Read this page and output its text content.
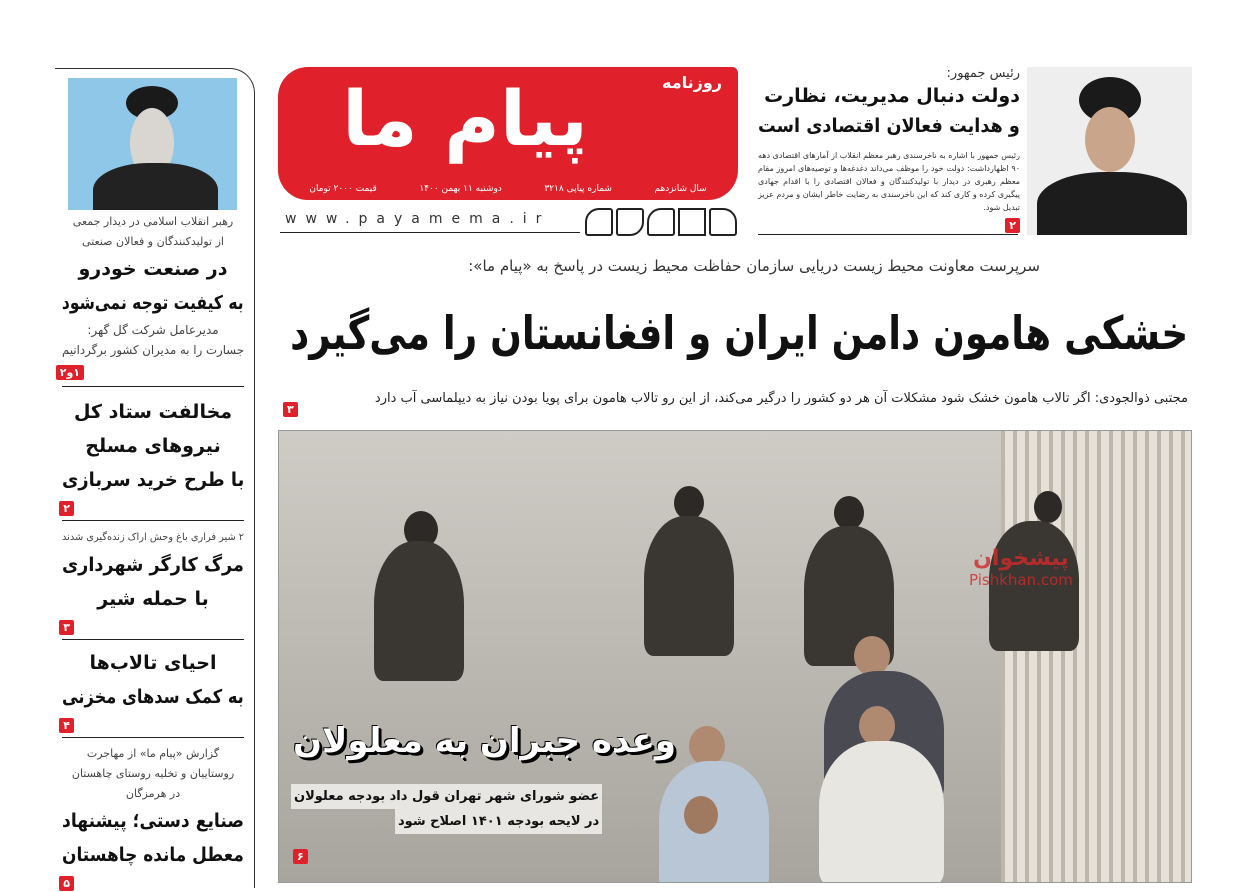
روزنامه
پیام ما
سال شانزدهم
شماره پیاپی ۳۲۱۸
دوشنبه ۱۱ بهمن ۱۴۰۰
قیمت ۲۰۰۰ تومان
www.payamema.ir
رئیس جمهور:
دولت دنبال مدیریت، نظارت
و هدایت فعالان اقتصادی است
رئیس جمهور با اشاره به ناخرسندی رهبر معظم انقلاب از آمارهای اقتصادی دهه ۹۰ اظهارداشت: دولت خود را موظف می‌داند دغدغه‌ها و توصیه‌های امروز مقام معظم رهبری در دیدار با تولیدکنندگان و فعالان اقتصادی را با اقدام جهادی پیگیری کرده و کاری کند که این ناخرسندی به رضایت خاطر ایشان و مردم عزیز تبدیل شود.
۲
سرپرست معاونت محیط زیست دریایی سازمان حفاظت محیط زیست در پاسخ به «پیام ما»:
خشکی هامون دامن ایران و افغانستان را می‌گیرد
مجتبی ذوالجودی: اگر تالاب هامون خشک شود مشکلات آن هر دو کشور را درگیر می‌کند، از این رو تالاب هامون برای پویا بودن نیاز به دیپلماسی آب دارد
۳
پیشخوان
Pishkhan.com
وعده جبران به معلولان
عضو شورای شهر تهران قول داد بودجه معلولان
در لایحه بودجه ۱۴۰۱ اصلاح شود
۶
رهبر انقلاب اسلامی در دیدار جمعی از تولیدکنندگان و فعالان صنعتی
در صنعت خودرو
به کیفیت توجه نمی‌شود
مدیرعامل شرکت گل گهر:
جسارت را به مدیران کشور برگردانیم
۱و۲
مخالفت ستاد کل
نیروهای مسلح
با طرح خرید سربازی
۲
۲ شیر فراری باغ وحش اراک زنده‌گیری شدند
مرگ کارگر شهرداری
با حمله شیر
۳
احیای تالاب‌ها
به کمک سدهای مخزنی
۴
گزارش «پیام ما» از مهاجرت روستاییان و تخلیه روستای چاهستان در هرمزگان
صنایع دستی؛ پیشنهاد
معطل مانده چاهستان
۵
